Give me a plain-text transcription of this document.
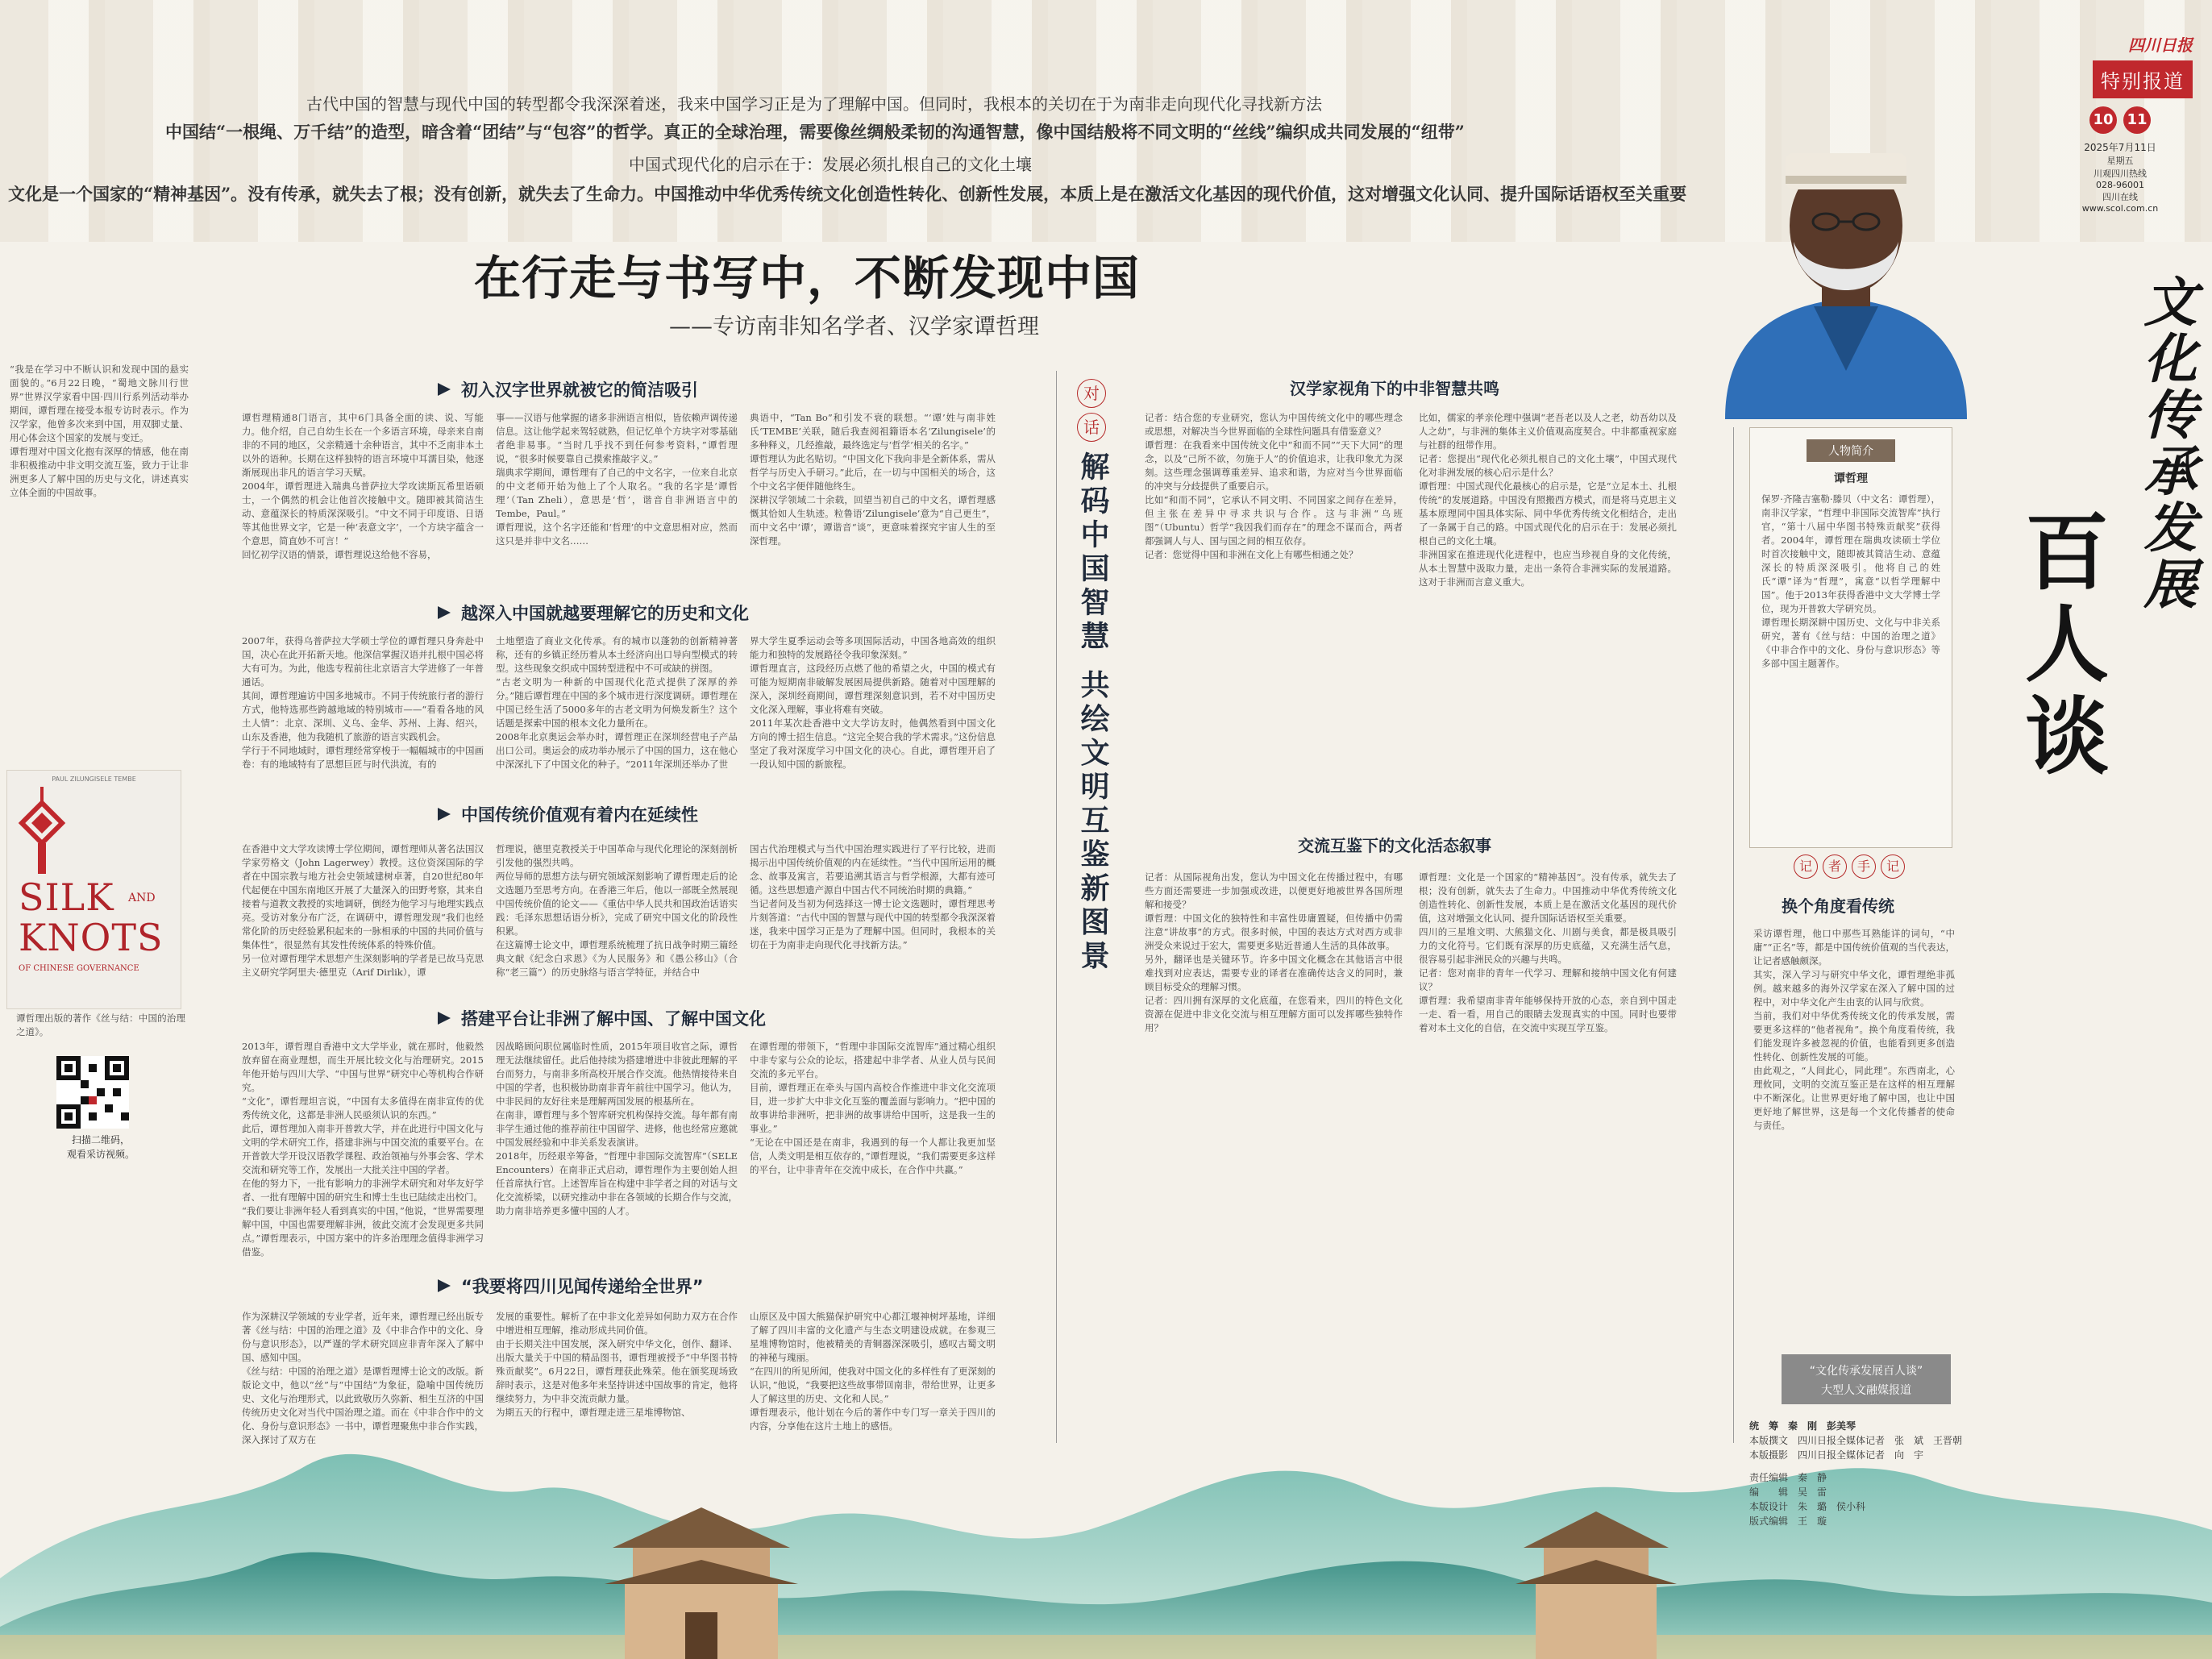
四川日报
特别报道
10 11
2025年7月11日
星期五
川观四川热线
028-96001
四川在线
www.scol.com.cn
古代中国的智慧与现代中国的转型都令我深深着迷，我来中国学习正是为了理解中国。但同时，我根本的关切在于为南非走向现代化寻找新方法
中国结“一根绳、万千结”的造型，暗含着“团结”与“包容”的哲学。真正的全球治理，需要像丝绸般柔韧的沟通智慧，像中国结般将不同文明的“丝线”编织成共同发展的“纽带”
中国式现代化的启示在于：发展必须扎根自己的文化土壤
文化是一个国家的“精神基因”。没有传承，就失去了根；没有创新，就失去了生命力。中国推动中华优秀传统文化创造性转化、创新性发展，本质上是在激活文化基因的现代价值，这对增强文化认同、提升国际话语权至关重要
在行走与书写中，不断发现中国
——专访南非知名学者、汉学家谭哲理	文化传承发展
百人谈
“我是在学习中不断认识和发现中国的悬实面貌的。”6月22日晚，“蜀地文脉川行世界”世界汉学家看中国·四川行系列活动举办期间，谭哲理在接受本报专访时表示。作为汉学家，他曾多次来到中国，用双脚丈量、用心体会这个国家的发展与变迁。
谭哲理对中国文化抱有深厚的情感，他在南非积极推动中非文明交流互鉴，致力于让非洲更多人了解中国的历史与文化，讲述真实立体全面的中国故事。
PAUL ZILUNGISELE TEMBE
SILK AND
KNOTS
OF CHINESE GOVERNANCE
谭哲理出版的著作《丝与结：中国的治理之道》。
扫描二维码，
观看采访视频。
初入汉字世界就被它的简洁吸引
谭哲理精通8门语言，其中6门具备全面的读、说、写能力。他介绍，自己自幼生长在一个多语言环境，母亲来自南非的不同的地区，父亲精通十余种语言，其中不乏南非本土以外的语种。长期在这样独特的语言环境中耳濡目染，他逐渐展现出非凡的语言学习天赋。
2004年，谭哲理进入瑞典乌普萨拉大学攻读斯瓦希里语硕士，一个偶然的机会让他首次接触中文。随即被其简洁生动、意蕴深长的特质深深吸引。“中文不同于印度语、日语等其他世界文字，它是一种‘表意文字’，一个方块字蕴含一个意思，简直妙不可言！”
回忆初学汉语的情景，谭哲理说这给他不容易，
事——汉语与他掌握的诸多非洲语言相似，皆依赖声调传递信息。这让他学起来驾轻就熟，但记忆单个方块字对零基础者绝非易事。“当时几乎找不到任何参考资料，”谭哲理说，“很多时候要靠自己摸索推敲字义。”
瑞典求学期间，谭哲理有了自己的中文名字，一位来自北京的中文老师开始为他上了个人取名。“我的名字是‘谭哲理’（Tan Zheli），意思是‘哲’，谐音自非洲语言中的Tembe，Paul。”
谭哲理说，这个名字还能和‘哲理’的中文意思相对应，然而这只是并非中文名……
典语中，“Tan Bo”和引发不衰的联想。“‘谭’姓与南非姓氏‘TEMBE’关联，随后我查阅祖籍语本名‘Zilungisele’的多种释义，几经推敲，最终选定与‘哲学’相关的名字。”
谭哲理认为此名贴切。“中国文化下我向非是全新体系，需从哲学与历史入手研习。”此后，在一切与中国相关的场合，这个中文名字便伴随他终生。
深耕汉学领域二十余载，回望当初自己的中文名，谭哲理感慨其恰如人生轨迹。粒鲁语‘Zilungisele’意为“自己更生”，而中文名中‘谭’，谭谐音“谈”，更意味着探究宇宙人生的至深哲理。
越深入中国就越要理解它的历史和文化
2007年，获得乌普萨拉大学硕士学位的谭哲理只身奔赴中国，决心在此开拓新天地。他深信掌握汉语并扎根中国必将大有可为。为此，他选专程前往北京语言大学进修了一年普通话。
其间，谭哲理遍访中国多地城市。不同于传统旅行者的游行方式，他特选那些跨越地域的特别城市——“看看各地的风土人情”：北京、深圳、义乌、金华、苏州、上海、绍兴，山东及香港，他为我随机了旅游的语言实践机会。
学行于不同地域时，谭哲理经常穿梭于一幅幅城市的中国画卷：有的地域特有了思想巨匠与时代洪流，有的
土地塑造了商业文化传承。有的城市以蓬勃的创新精神著称，还有的乡镇正经历着从本土经济向出口导向型模式的转型。这些现象交织成中国转型进程中不可或缺的拼图。
“古老文明为一种新的中国现代化范式提供了深厚的养分。”随后谭哲理在中国的多个城市进行深度调研。谭哲理在中国已经生活了5000多年的古老文明为何焕发新生？这个话题是探索中国的根本文化力量所在。
2008年北京奥运会举办时，谭哲理正在深圳经营电子产品出口公司。奥运会的成功举办展示了中国的国力，这在他心中深深扎下了中国文化的种子。“2011年深圳还举办了世
界大学生夏季运动会等多项国际活动，中国各地高效的组织能力和独特的发展路径令我印象深刻。”
谭哲理直言，这段经历点燃了他的希望之火，中国的模式有可能为短期南非破解发展困局提供新路。随着对中国理解的深入，深圳经商期间，谭哲理深刻意识到，若不对中国历史文化深入理解，事业将难有突破。
2011年某次赴香港中文大学访友时，他偶然看到中国文化方向的博士招生信息。“这完全契合我的学术需求。”这份信息坚定了我对深度学习中国文化的决心。自此，谭哲理开启了一段认知中国的新旅程。
中国传统价值观有着内在延续性
在香港中文大学攻读博士学位期间，谭哲理师从著名法国汉学家劳格文（John Lagerwey）教授。这位资深国际的学者在中国宗教与地方社会史领域建树卓著，自20世纪80年代起便在中国东南地区开展了大量深入的田野考察，其来自接着与道教文教授的实地调研，倒经为他学习与地理实践点亮。受访对象分布广泛，在调研中，谭哲理发现“我们也经常化阶的历史经验累积起来的一脉相承的中国的共同价值与集体性”，很显然有其发性传统体系的特殊价值。
另一位对谭哲理学术思想产生深刻影响的学者是已故马克思主义研究学阿里夫·德里克（Arif Dirlik），谭
哲理说，德里克教授关于中国革命与现代化理论的深刻剖析引发他的强烈共鸣。
两位导师的思想方法与研究领域深刻影响了谭哲理走后的论文选题乃至思考方向。在香港三年后，他以一部既全然展现中国传统价值的论文——《重估中华人民共和国政治话语实践：毛泽东思想话语分析》，完成了研究中国文化的阶段性积累。
在这篇博士论文中，谭哲理系统梳理了抗日战争时期三篇经典文献《纪念白求恩》《为人民服务》和《愚公移山》（合称“老三篇”）的历史脉络与语言学特征，并结合中
国古代治理模式与当代中国治理实践进行了平行比较，进而揭示出中国传统价值观的内在延续性。“当代中国所运用的概念、故事及寓言，若要追溯其语言与哲学根源，大都有迹可循。这些思想遗产源自中国古代不同统治时期的典籍。”
当记者问及当初为何选择这一博士论文选题时，谭哲理思考片刻答道：“古代中国的智慧与现代中国的转型都令我深深着迷，我来中国学习正是为了理解中国。但同时，我根本的关切在于为南非走向现代化寻找新方法。”
搭建平台让非洲了解中国、了解中国文化
2013年，谭哲理自香港中文大学毕业，就在那时，他毅然放弃留在商业理想，而生开展比较文化与治理研究。2015年他开始与四川大学、“中国与世界”研究中心等机构合作研究。
“文化”，谭哲理坦言说，“中国有太多值得在南非宣传的优秀传统文化，这都是非洲人民亟须认识的东西。”
此后，谭哲理加入南非开普敦大学，并在此进行中国文化与文明的学术研究工作，搭建非洲与中国交流的重要平台。在开普敦大学开设汉语教学课程、政治领袖与外事会客、学术交流和研究等工作，发展出一大批关注中国的学者。
在他的努力下，一批有影响力的非洲学术研究和对华友好学者、一批有理解中国的研究生和博士生也已陆续走出校门。
“我们要让非洲年轻人看到真实的中国，”他说，“世界需要理解中国，中国也需要理解非洲，彼此交流才会发现更多共同点。”谭哲理表示，中国方案中的许多治理理念值得非洲学习借鉴。
因战略顾问职位属临时性质，2015年项目收官之际，谭哲理无法继续留任。此后他持续为搭建增进中非彼此理解的平台而努力，与南非多所高校开展合作交流。他热情接待来自中国的学者，也积极协助南非青年前往中国学习。他认为，中非民间的友好往来是理解两国发展的根基所在。
在南非，谭哲理与多个智库研究机构保持交流。每年都有南非学生通过他的推荐前往中国留学、进修，他也经常应邀就中国发展经验和中非关系发表演讲。
2018年，历经艰辛筹备，“哲理中非国际交流智库”（SELE Encounters）在南非正式启动，谭哲理作为主要创始人担任首席执行官。上述智库旨在构建中非学者之间的对话与文化交流桥梁，以研究推动中非在各领域的长期合作与交流，助力南非培养更多懂中国的人才。
在谭哲理的带领下，“哲理中非国际交流智库”通过精心组织中非专家与公众的论坛，搭建起中非学者、从业人员与民间交流的多元平台。
目前，谭哲理正在牵头与国内高校合作推进中非文化交流项目，进一步扩大中非文化互鉴的覆盖面与影响力。“把中国的故事讲给非洲听，把非洲的故事讲给中国听，这是我一生的事业。”
“无论在中国还是在南非，我遇到的每一个人都让我更加坚信，人类文明是相互依存的，”谭哲理说，“我们需要更多这样的平台，让中非青年在交流中成长，在合作中共赢。”
“我要将四川见闻传递给全世界”
作为深耕汉学领域的专业学者，近年来，谭哲理已经出版专著《丝与结：中国的治理之道》及《中非合作中的文化、身份与意识形态》，以严谨的学术研究回应非青年深入了解中国、感知中国。
《丝与结：中国的治理之道》是谭哲理博士论文的改版。新版论文中，他以“丝”与“中国结”为象征，隐喻中国传统历史、文化与治理形式，以此致敬历久弥新、相生互济的中国传统历史文化对当代中国治理之道。而在《中非合作中的文化、身份与意识形态》一书中，谭哲理聚焦中非合作实践，深入探讨了双方在
发展的重要性。解析了在中非文化差异如何助力双方在合作中增进相互理解，推动形成共同价值。
由于长期关注中国发展，深入研究中华文化，创作、翻译、出版大量关于中国的精品图书，谭哲理被授予“中华图书特殊贡献奖”。6月22日，谭哲理获此殊荣。他在颁奖现场致辞时表示，这是对他多年来坚持讲述中国故事的肯定，他将继续努力，为中非交流贡献力量。
为期五天的行程中，谭哲理走进三星堆博物馆、
山原区及中国大熊猫保护研究中心都江堰神树坪基地，详细了解了四川丰富的文化遗产与生态文明建设成就。在参观三星堆博物馆时，他被精美的青铜器深深吸引，感叹古蜀文明的神秘与瑰丽。
“在四川的所见所闻，使我对中国文化的多样性有了更深刻的认识，”他说，“我要把这些故事带回南非，带给世界，让更多人了解这里的历史、文化和人民。”
谭哲理表示，他计划在今后的著作中专门写一章关于四川的内容，分享他在这片土地上的感悟。
对 话
解码中国智慧 共绘文明互鉴新图景
汉学家视角下的中非智慧共鸣
记者：结合您的专业研究，您认为中国传统文化中的哪些理念或思想，对解决当今世界面临的全球性问题具有借鉴意义？
谭哲理：在我看来中国传统文化中“和而不同”“天下大同”的理念，以及“己所不欲，勿施于人”的价值追求，让我印象尤为深刻。这些理念强调尊重差异、追求和谐，为应对当今世界面临的冲突与分歧提供了重要启示。
比如“和而不同”，它承认不同文明、不同国家之间存在差异，但主张在差异中寻求共识与合作。这与非洲“乌班图”（Ubuntu）哲学“我因我们而存在”的理念不谋而合，两者都强调人与人、国与国之间的相互依存。
记者：您觉得中国和非洲在文化上有哪些相通之处？
比如，儒家的孝亲伦理中强调“老吾老以及人之老，幼吾幼以及人之幼”，与非洲的集体主义价值观高度契合。中非都重视家庭与社群的纽带作用。
记者：您提出“现代化必须扎根自己的文化土壤”，中国式现代化对非洲发展的核心启示是什么？
谭哲理：中国式现代化最核心的启示是，它是“立足本土、扎根传统”的发展道路。中国没有照搬西方模式，而是将马克思主义基本原理同中国具体实际、同中华优秀传统文化相结合，走出了一条属于自己的路。中国式现代化的启示在于：发展必须扎根自己的文化土壤。
非洲国家在推进现代化进程中，也应当珍视自身的文化传统，从本土智慧中汲取力量，走出一条符合非洲实际的发展道路。这对于非洲而言意义重大。
交流互鉴下的文化活态叙事
记者：从国际视角出发，您认为中国文化在传播过程中，有哪些方面还需要进一步加强或改进，以便更好地被世界各国所理解和接受？
谭哲理：中国文化的独特性和丰富性毋庸置疑，但传播中仍需注意“讲故事”的方式。很多时候，中国的表达方式对西方或非洲受众来说过于宏大，需要更多贴近普通人生活的具体故事。
另外，翻译也是关键环节。许多中国文化概念在其他语言中很难找到对应表达，需要专业的译者在准确传达含义的同时，兼顾目标受众的理解习惯。
记者：四川拥有深厚的文化底蕴，在您看来，四川的特色文化资源在促进中非文化交流与相互理解方面可以发挥哪些独特作用？
谭哲理：文化是一个国家的“精神基因”。没有传承，就失去了根；没有创新，就失去了生命力。中国推动中华优秀传统文化创造性转化、创新性发展，本质上是在激活文化基因的现代价值，这对增强文化认同、提升国际话语权至关重要。
四川的三星堆文明、大熊猫文化、川剧与美食，都是极具吸引力的文化符号。它们既有深厚的历史底蕴，又充满生活气息，很容易引起非洲民众的兴趣与共鸣。
记者：您对南非的青年一代学习、理解和接纳中国文化有何建议？
谭哲理：我希望南非青年能够保持开放的心态，亲自到中国走一走、看一看，用自己的眼睛去发现真实的中国。同时也要带着对本土文化的自信，在交流中实现互学互鉴。
人物简介
谭哲理
保罗·齐隆吉塞勒·滕贝（中文名：谭哲理），南非汉学家，“哲理中非国际交流智库”执行官，“第十八届中华图书特殊贡献奖”获得者。2004年，谭哲理在瑞典攻读硕士学位时首次接触中文，随即被其简洁生动、意蕴深长的特质深深吸引。他将自己的姓氏“谭”译为“哲理”，寓意“以哲学理解中国”。他于2013年获得香港中文大学博士学位，现为开普敦大学研究员。
谭哲理长期深耕中国历史、文化与中非关系研究，著有《丝与结：中国的治理之道》《中非合作中的文化、身份与意识形态》等多部中国主题著作。
记	者	手	记
换个角度看传统
采访谭哲理，他口中那些耳熟能详的词句，“中庸”“正名”等，都是中国传统价值观的当代表达，让记者感触颇深。
其实，深入学习与研究中华文化，谭哲理绝非孤例。越来越多的海外汉学家在深入了解中国的过程中，对中华文化产生由衷的认同与欣赏。
当前，我们对中华优秀传统文化的传承发展，需要更多这样的“他者视角”。换个角度看传统，我们能发现许多被忽视的价值，也能看到更多创造性转化、创新性发展的可能。
由此观之，“人间此心，同此理”。东西南北，心理攸同，文明的交流互鉴正是在这样的相互理解中不断深化。让世界更好地了解中国，也让中国更好地了解世界，这是每一个文化传播者的使命与责任。
“文化传承发展百人谈”
大型人文融媒报道
统　筹　秦　刚　彭美琴
本版撰文　四川日报全媒体记者　张　斌　王晋朝
本版摄影　四川日报全媒体记者　向　宇
责任编辑　秦　静
编　　辑　吴　雷
本版设计　朱　璐　侯小科
版式编辑　王　璇
